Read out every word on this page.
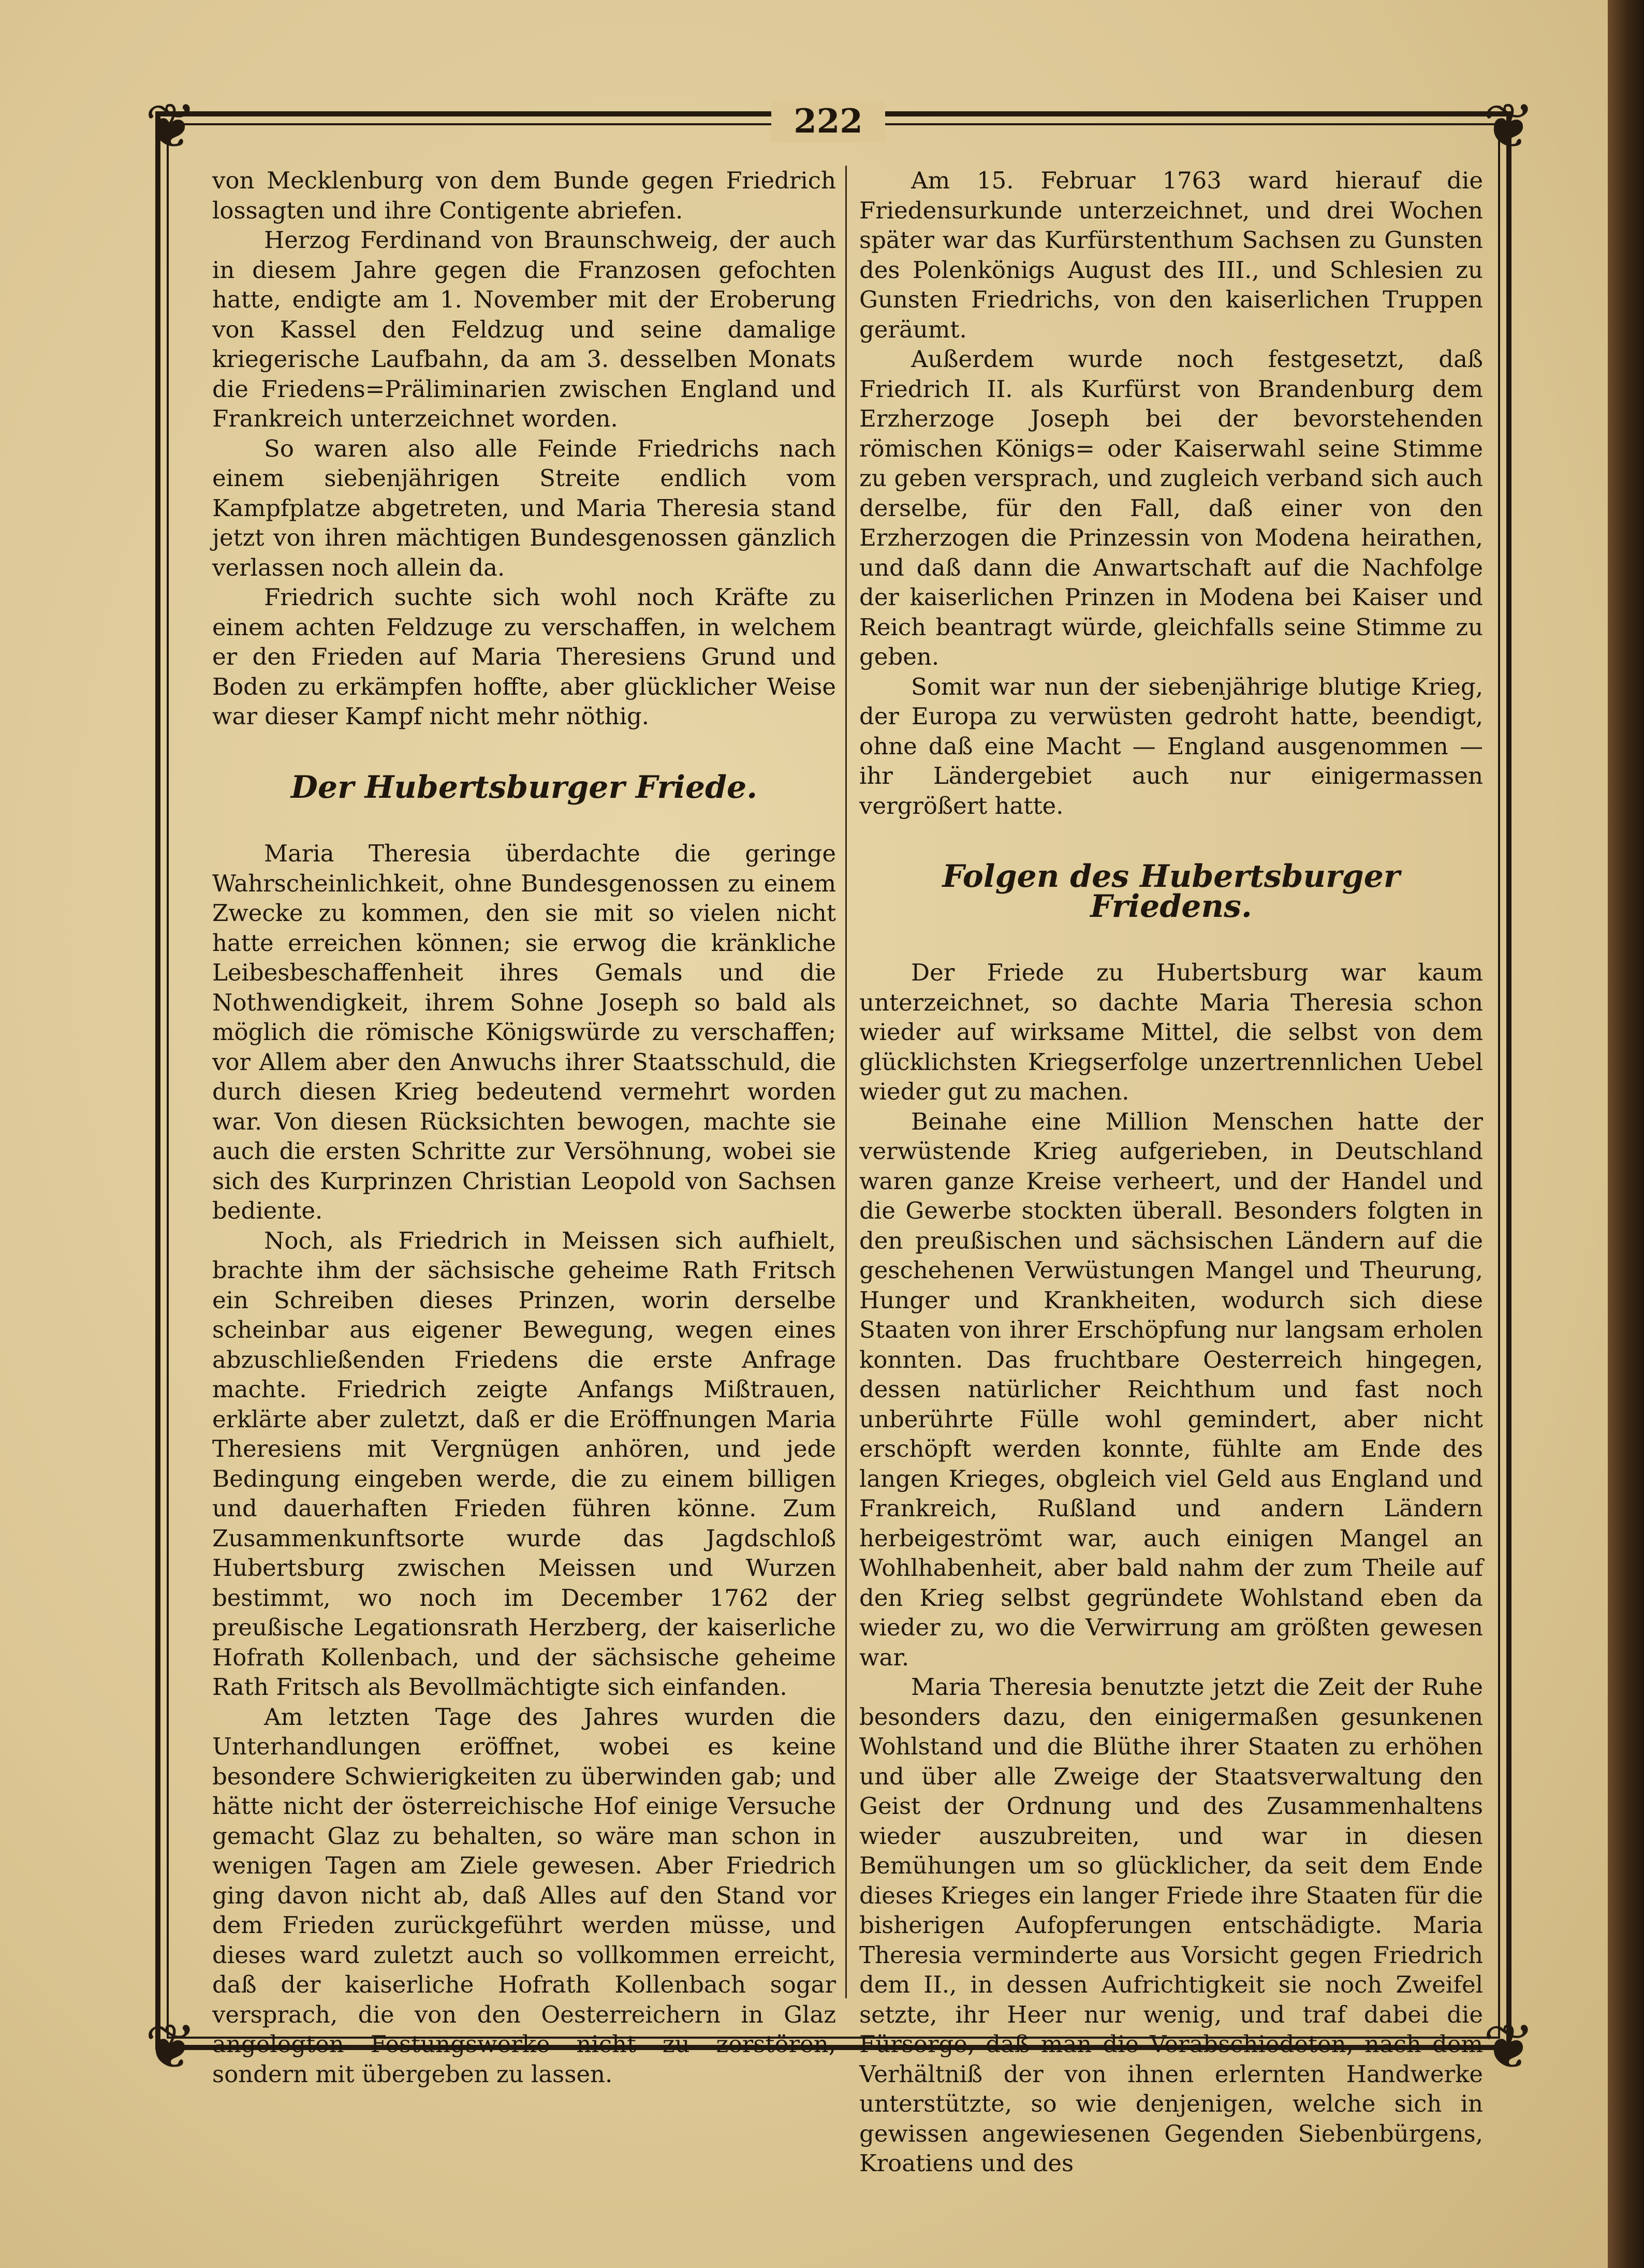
❦	❦
❦	❦
222

von Mecklenburg von dem Bunde gegen Friedrich lossagten und ihre Contigente abriefen.

Herzog Ferdinand von Braunschweig, der auch in diesem Jahre gegen die Franzosen gefochten hatte, endigte am 1. November mit der Eroberung von Kassel den Feldzug und seine damalige kriegerische Laufbahn, da am 3. desselben Monats die Friedens=Präliminarien zwischen England und Frankreich unterzeichnet worden.

So waren also alle Feinde Friedrichs nach einem siebenjährigen Streite endlich vom Kampfplatze abgetreten, und Maria Theresia stand jetzt von ihren mächtigen Bundesgenossen gänzlich verlassen noch allein da.

Friedrich suchte sich wohl noch Kräfte zu einem achten Feldzuge zu verschaffen, in welchem er den Frieden auf Maria Theresiens Grund und Boden zu erkämpfen hoffte, aber glücklicher Weise war dieser Kampf nicht mehr nöthig.

Der Hubertsburger Friede.

Maria Theresia überdachte die geringe Wahrscheinlichkeit, ohne Bundesgenossen zu einem Zwecke zu kommen, den sie mit so vielen nicht hatte erreichen können; sie erwog die kränkliche Leibesbeschaffenheit ihres Gemals und die Nothwendigkeit, ihrem Sohne Joseph so bald als möglich die römische Königswürde zu verschaffen; vor Allem aber den Anwuchs ihrer Staatsschuld, die durch diesen Krieg bedeutend vermehrt worden war. Von diesen Rücksichten bewogen, machte sie auch die ersten Schritte zur Versöhnung, wobei sie sich des Kurprinzen Christian Leopold von Sachsen bediente.

Noch, als Friedrich in Meissen sich aufhielt, brachte ihm der sächsische geheime Rath Fritsch ein Schreiben dieses Prinzen, worin derselbe scheinbar aus eigener Bewegung, wegen eines abzuschließenden Friedens die erste Anfrage machte. Friedrich zeigte Anfangs Mißtrauen, erklärte aber zuletzt, daß er die Eröffnungen Maria Theresiens mit Vergnügen anhören, und jede Bedingung eingeben werde, die zu einem billigen und dauerhaften Frieden führen könne. Zum Zusammenkunftsorte wurde das Jagdschloß Hubertsburg zwischen Meissen und Wurzen bestimmt, wo noch im December 1762 der preußische Legationsrath Herzberg, der kaiserliche Hofrath Kollenbach, und der sächsische geheime Rath Fritsch als Bevollmächtigte sich einfanden.

Am letzten Tage des Jahres wurden die Unterhandlungen eröffnet, wobei es keine besondere Schwierigkeiten zu überwinden gab; und hätte nicht der österreichische Hof einige Versuche gemacht Glaz zu behalten, so wäre man schon in wenigen Tagen am Ziele gewesen. Aber Friedrich ging davon nicht ab, daß Alles auf den Stand vor dem Frieden zurückgeführt werden müsse, und dieses ward zuletzt auch so vollkommen erreicht, daß der kaiserliche Hofrath Kollenbach sogar versprach, die von den Oesterreichern in Glaz angelegten Festungswerke nicht zu zerstören, sondern mit übergeben zu lassen.

Am 15. Februar 1763 ward hierauf die Friedensurkunde unterzeichnet, und drei Wochen später war das Kurfürstenthum Sachsen zu Gunsten des Polenkönigs August des III., und Schlesien zu Gunsten Friedrichs, von den kaiserlichen Truppen geräumt.

Außerdem wurde noch festgesetzt, daß Friedrich II. als Kurfürst von Brandenburg dem Erzherzoge Joseph bei der bevorstehenden römischen Königs= oder Kaiserwahl seine Stimme zu geben versprach, und zugleich verband sich auch derselbe, für den Fall, daß einer von den Erzherzogen die Prinzessin von Modena heirathen, und daß dann die Anwartschaft auf die Nachfolge der kaiserlichen Prinzen in Modena bei Kaiser und Reich beantragt würde, gleichfalls seine Stimme zu geben.

Somit war nun der siebenjährige blutige Krieg, der Europa zu verwüsten gedroht hatte, beendigt, ohne daß eine Macht — England ausgenommen — ihr Ländergebiet auch nur einigermassen vergrößert hatte.

Folgen des Hubertsburger Friedens.

Der Friede zu Hubertsburg war kaum unterzeichnet, so dachte Maria Theresia schon wieder auf wirksame Mittel, die selbst von dem glücklichsten Kriegserfolge unzertrennlichen Uebel wieder gut zu machen.

Beinahe eine Million Menschen hatte der verwüstende Krieg aufgerieben, in Deutschland waren ganze Kreise verheert, und der Handel und die Gewerbe stockten überall. Besonders folgten in den preußischen und sächsischen Ländern auf die geschehenen Verwüstungen Mangel und Theurung, Hunger und Krankheiten, wodurch sich diese Staaten von ihrer Erschöpfung nur langsam erholen konnten. Das fruchtbare Oesterreich hingegen, dessen natürlicher Reichthum und fast noch unberührte Fülle wohl gemindert, aber nicht erschöpft werden konnte, fühlte am Ende des langen Krieges, obgleich viel Geld aus England und Frankreich, Rußland und andern Ländern herbeigeströmt war, auch einigen Mangel an Wohlhabenheit, aber bald nahm der zum Theile auf den Krieg selbst gegründete Wohlstand eben da wieder zu, wo die Verwirrung am größten gewesen war.

Maria Theresia benutzte jetzt die Zeit der Ruhe besonders dazu, den einigermaßen gesunkenen Wohlstand und die Blüthe ihrer Staaten zu erhöhen und über alle Zweige der Staatsverwaltung den Geist der Ordnung und des Zusammenhaltens wieder auszubreiten, und war in diesen Bemühungen um so glücklicher, da seit dem Ende dieses Krieges ein langer Friede ihre Staaten für die bisherigen Aufopferungen entschädigte. Maria Theresia verminderte aus Vorsicht gegen Friedrich dem II., in dessen Aufrichtigkeit sie noch Zweifel setzte, ihr Heer nur wenig, und traf dabei die Fürsorge, daß man die Verabschiedeten, nach dem Verhältniß der von ihnen erlernten Handwerke unterstützte, so wie denjenigen, welche sich in gewissen angewiesenen Gegenden Siebenbürgens, Kroatiens und des
